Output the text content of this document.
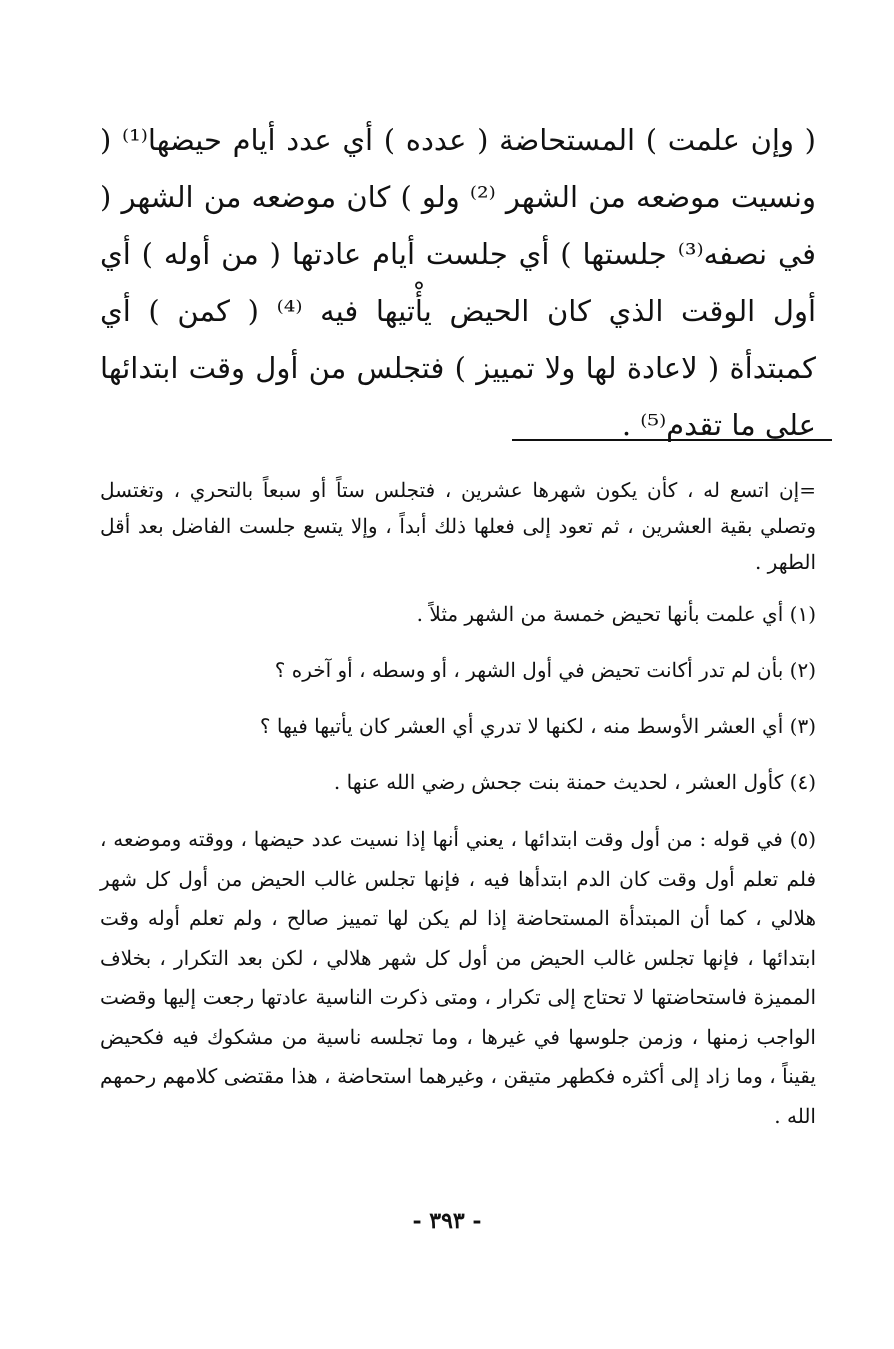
( وإن علمت ) المستحاضة ( عدده ) أي عدد أيام حيضها⁽¹⁾ ( ونسيت موضعه من الشهر ⁽²⁾ ولو ) كان موضعه من الشهر ( في نصفه⁽³⁾ جلستها ) أي جلست أيام عادتها ( من أوله ) أي أول الوقت الذي كان الحيض يأْتيها فيه ⁽⁴⁾ ( كمن ) أي كمبتدأة ( لاعادة لها ولا تمييز ) فتجلس من أول وقت ابتدائها على ما تقدم⁽⁵⁾ .

=إن اتسع له ، كأن يكون شهرها عشرين ، فتجلس ستاً أو سبعاً بالتحري ، وتغتسل وتصلي بقية العشرين ، ثم تعود إلى فعلها ذلك أبداً ، وإلا يتسع جلست الفاضل بعد أقل الطهر .

(١) أي علمت بأنها تحيض خمسة من الشهر مثلاً .

(٢) بأن لم تدر أكانت تحيض في أول الشهر ، أو وسطه ، أو آخره ؟

(٣) أي العشر الأوسط منه ، لكنها لا تدري أي العشر كان يأتيها فيها ؟

(٤) كأول العشر ، لحديث حمنة بنت جحش رضي الله عنها .

(٥) في قوله : من أول وقت ابتدائها ، يعني أنها إذا نسيت عدد حيضها ، ووقته وموضعه ، فلم تعلم أول وقت كان الدم ابتدأها فيه ، فإنها تجلس غالب الحيض من أول كل شهر هلالي ، كما أن المبتدأة المستحاضة إذا لم يكن لها تمييز صالح ، ولم تعلم أوله وقت ابتدائها ، فإنها تجلس غالب الحيض من أول كل شهر هلالي ، لكن بعد التكرار ، بخلاف المميزة فاستحاضتها لا تحتاج إلى تكرار ، ومتى ذكرت الناسية عادتها رجعت إليها وقضت الواجب زمنها ، وزمن جلوسها في غيرها ، وما تجلسه ناسية من مشكوك فيه فكحيض يقيناً ، وما زاد إلى أكثره فكطهر متيقن ، وغيرهما استحاضة ، هذا مقتضى كلامهم رحمهم الله .

- ٣٩٣ -
